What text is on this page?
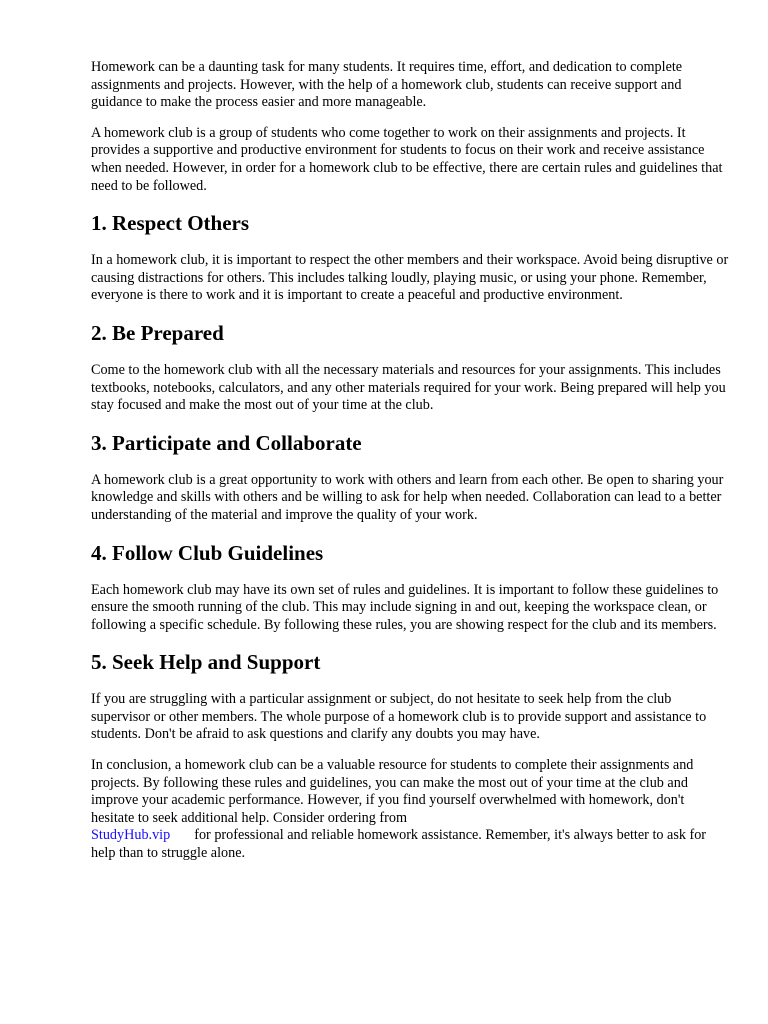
Homework can be a daunting task for many students. It requires time, effort, and dedication to complete assignments and projects. However, with the help of a homework club, students can receive support and guidance to make the process easier and more manageable.

A homework club is a group of students who come together to work on their assignments and projects. It provides a supportive and productive environment for students to focus on their work and receive assistance when needed. However, in order for a homework club to be effective, there are certain rules and guidelines that need to be followed.

1. Respect Others

In a homework club, it is important to respect the other members and their workspace. Avoid being disruptive or causing distractions for others. This includes talking loudly, playing music, or using your phone. Remember, everyone is there to work and it is important to create a peaceful and productive environment.

2. Be Prepared

Come to the homework club with all the necessary materials and resources for your assignments. This includes textbooks, notebooks, calculators, and any other materials required for your work. Being prepared will help you stay focused and make the most out of your time at the club.

3. Participate and Collaborate

A homework club is a great opportunity to work with others and learn from each other. Be open to sharing your knowledge and skills with others and be willing to ask for help when needed. Collaboration can lead to a better understanding of the material and improve the quality of your work.

4. Follow Club Guidelines

Each homework club may have its own set of rules and guidelines. It is important to follow these guidelines to ensure the smooth running of the club. This may include signing in and out, keeping the workspace clean, or following a specific schedule. By following these rules, you are showing respect for the club and its members.

5. Seek Help and Support

If you are struggling with a particular assignment or subject, do not hesitate to seek help from the club supervisor or other members. The whole purpose of a homework club is to provide support and assistance to students. Don't be afraid to ask questions and clarify any doubts you may have.

In conclusion, a homework club can be a valuable resource for students to complete their assignments and projects. By following these rules and guidelines, you can make the most out of your time at the club and improve your academic performance. However, if you find yourself overwhelmed with homework, don't hesitate to seek additional help. Consider ordering from
StudyHub.vip for professional and reliable homework assistance. Remember, it's always better to ask for help than to struggle alone.
